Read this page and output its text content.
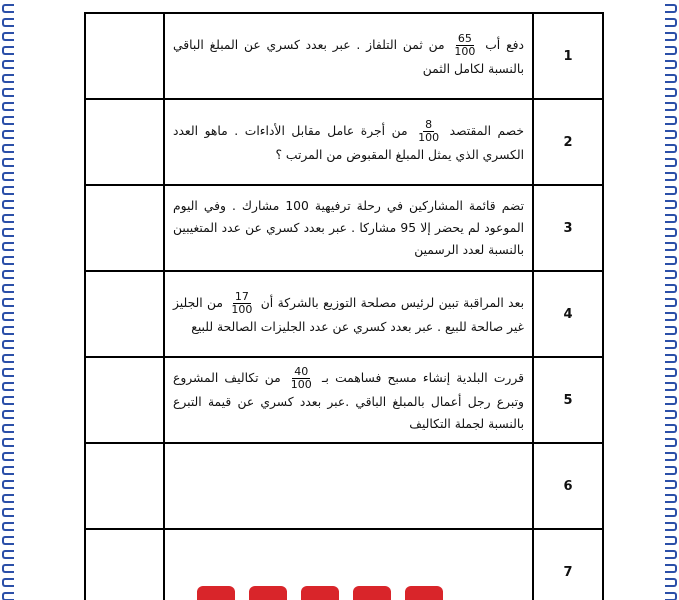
	دفع أب
$\frac{65}{100}$
من ثمن التلفاز . عبر بعدد كسري عن المبلغ الباقي بالنسبة لكامل الثمن	1
	خصم المقتصد
$\frac{8}{100}$
من أجرة عامل مقابل الأداءات . ماهو العدد الكسري الذي يمثل المبلغ المقبوض من المرتب ؟	2
	تضم قائمة المشاركين في رحلة ترفيهية 100 مشارك . وفي اليوم الموعود لم يحضر إلا 95 مشاركا . عبر بعدد كسري عن عدد المتغيبين بالنسبة لعدد الرسمين	3
	بعد المراقبة تبين لرئيس مصلحة التوزيع بالشركة أن
$\frac{17}{100}$
من الجليز غير صالحة للبيع . عبر بعدد كسري عن عدد الجليزات الصالحة للبيع	4
	قررت البلدية إنشاء مسبح فساهمت بـ
$\frac{40}{100}$
من تكاليف المشروع وتبرع رجل أعمال بالمبلغ الباقي .عبر بعدد كسري عن قيمة التبرع بالنسبة لجملة التكاليف	5
		6
		7
